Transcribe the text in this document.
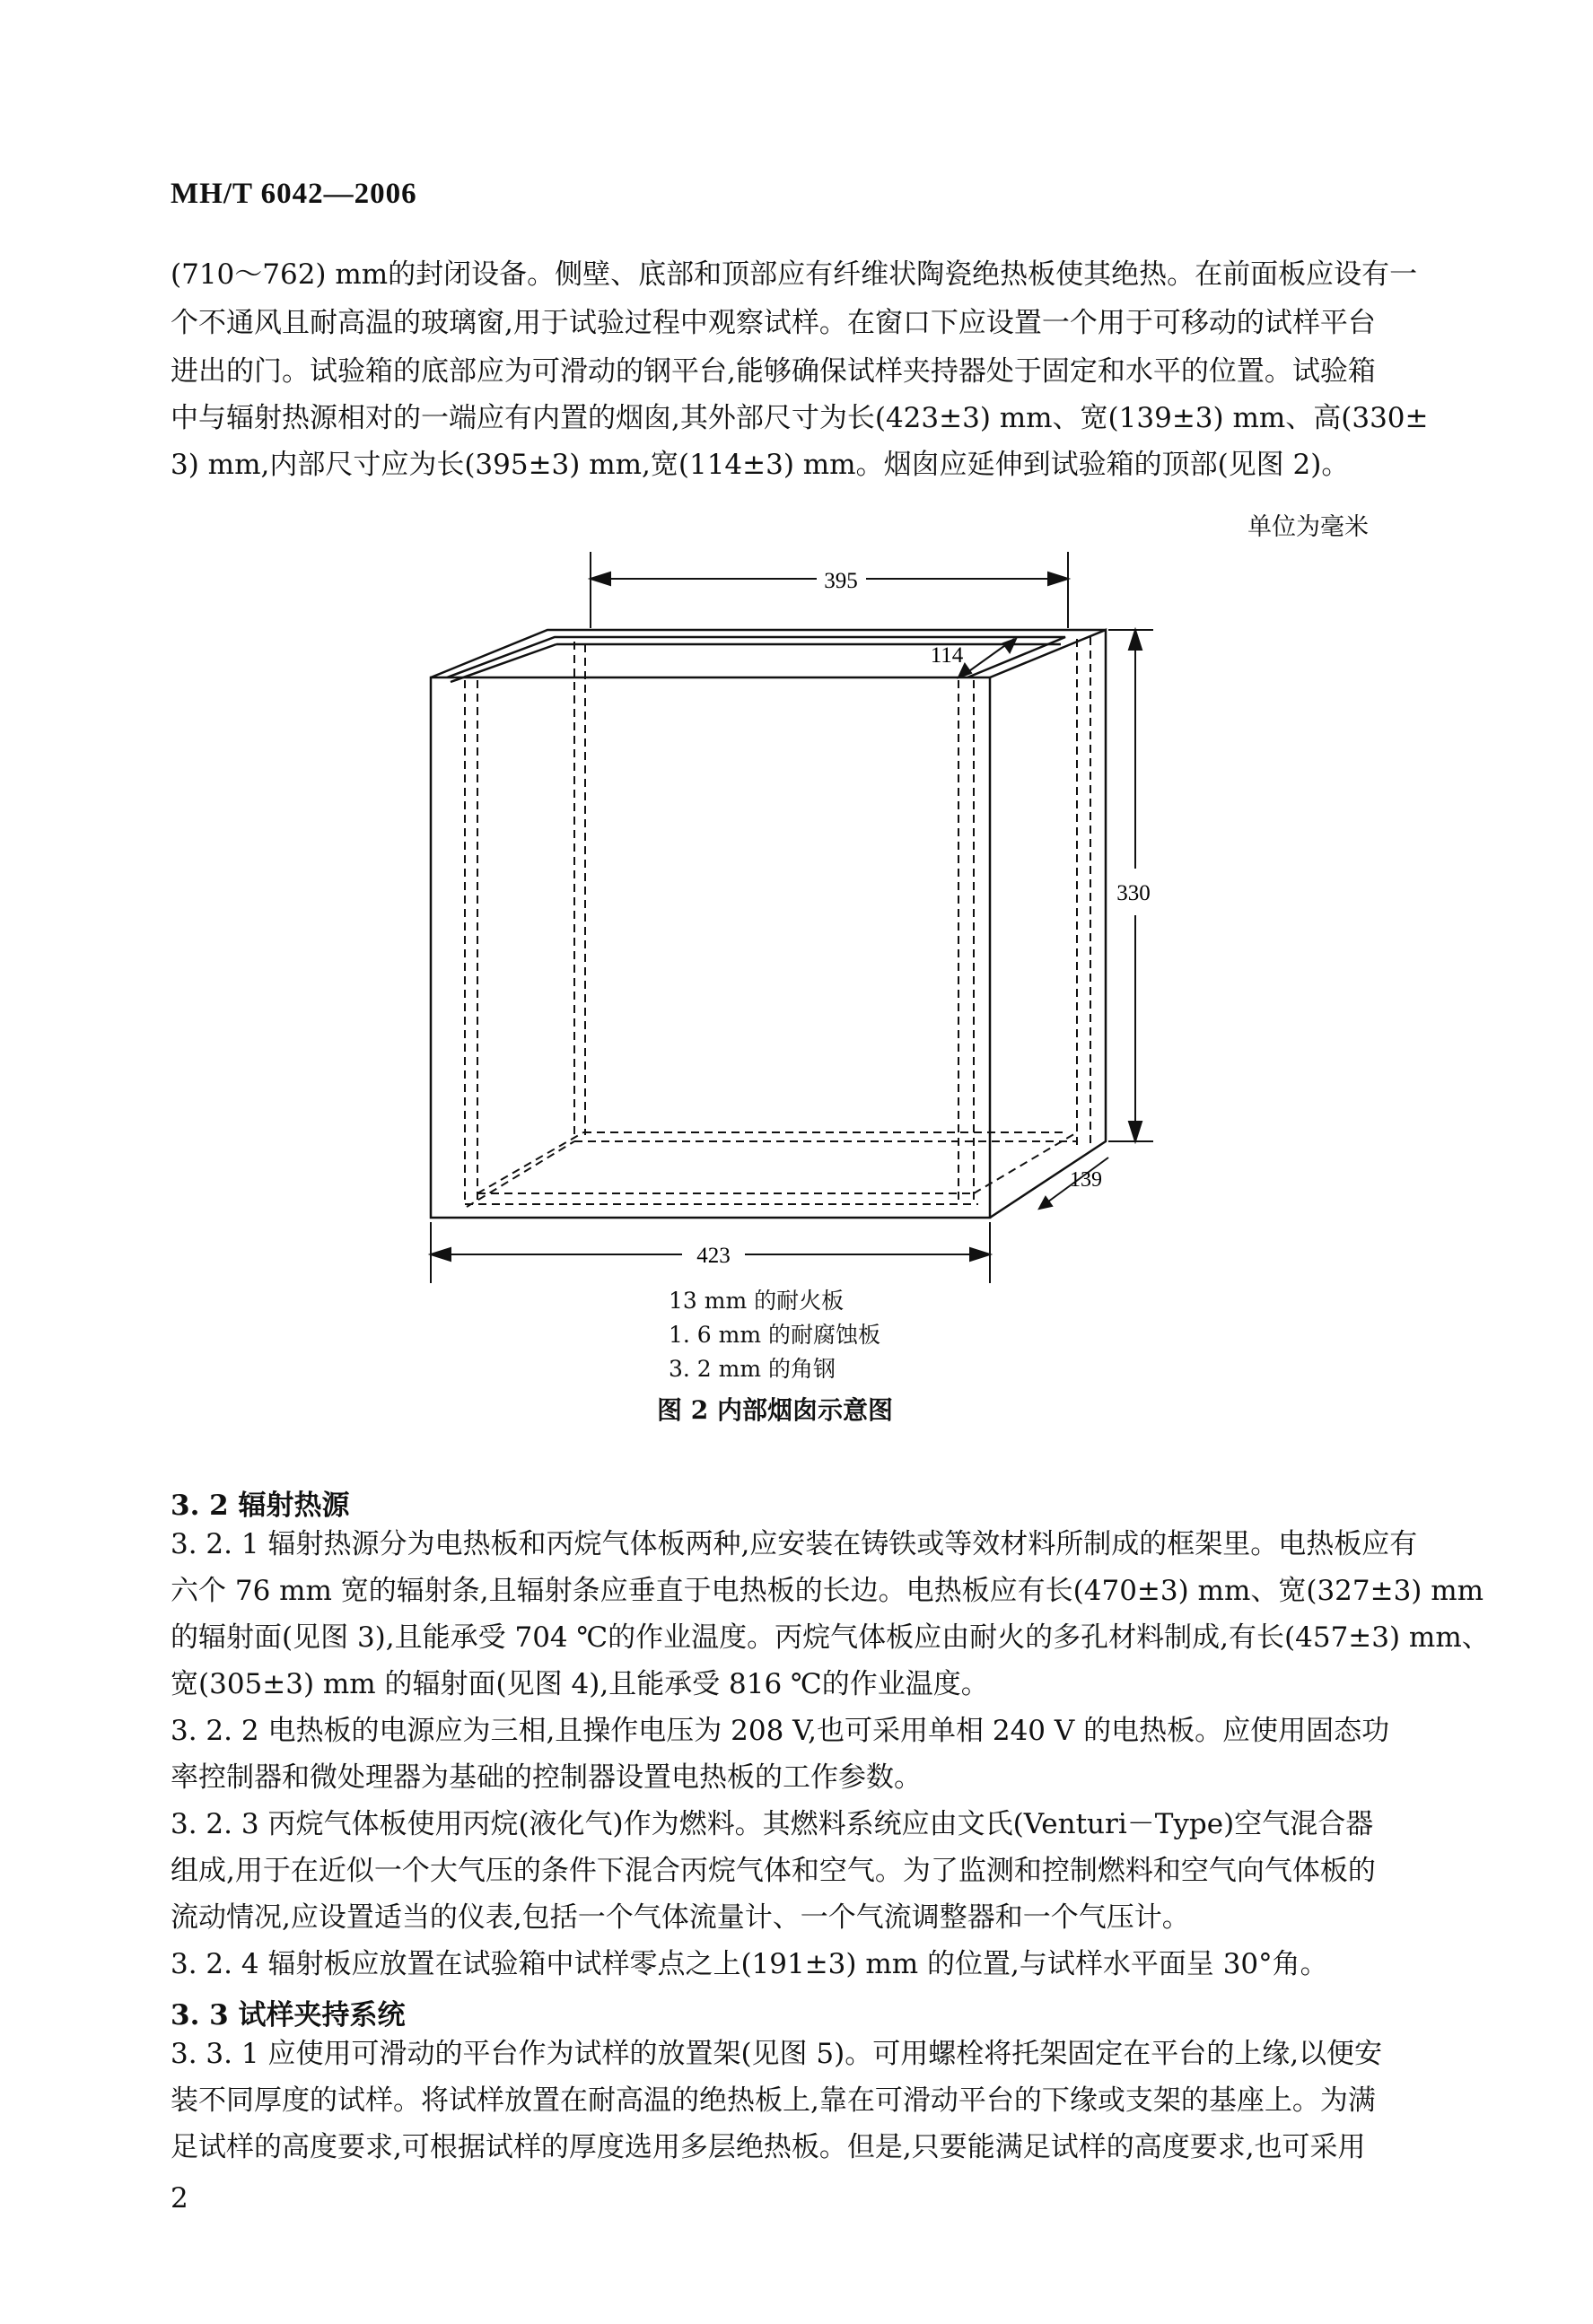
MH/T 6042—2006
(710～762) mm的封闭设备。侧壁、底部和顶部应有纤维状陶瓷绝热板使其绝热。在前面板应设有一
个不通风且耐高温的玻璃窗,用于试验过程中观察试样。在窗口下应设置一个用于可移动的试样平台
进出的门。试验箱的底部应为可滑动的钢平台,能够确保试样夹持器处于固定和水平的位置。试验箱
中与辐射热源相对的一端应有内置的烟囱,其外部尺寸为长(423±3) mm、宽(139±3) mm、高(330±
3) mm,内部尺寸应为长(395±3) mm,宽(114±3) mm。烟囱应延伸到试验箱的顶部(见图 2)。
单位为毫米
395
114
330
139
423
13 mm 的耐火板
1. 6 mm 的耐腐蚀板
3. 2 mm 的角钢
图 2 内部烟囱示意图
3. 2 辐射热源
3. 2. 1 辐射热源分为电热板和丙烷气体板两种,应安装在铸铁或等效材料所制成的框架里。电热板应有
六个 76 mm 宽的辐射条,且辐射条应垂直于电热板的长边。电热板应有长(470±3) mm、宽(327±3) mm
的辐射面(见图 3),且能承受 704 ℃的作业温度。丙烷气体板应由耐火的多孔材料制成,有长(457±3) mm、
宽(305±3) mm 的辐射面(见图 4),且能承受 816 ℃的作业温度。
3. 2. 2 电热板的电源应为三相,且操作电压为 208 V,也可采用单相 240 V 的电热板。应使用固态功
率控制器和微处理器为基础的控制器设置电热板的工作参数。
3. 2. 3 丙烷气体板使用丙烷(液化气)作为燃料。其燃料系统应由文氏(Venturi－Type)空气混合器
组成,用于在近似一个大气压的条件下混合丙烷气体和空气。为了监测和控制燃料和空气向气体板的
流动情况,应设置适当的仪表,包括一个气体流量计、一个气流调整器和一个气压计。
3. 2. 4 辐射板应放置在试验箱中试样零点之上(191±3) mm 的位置,与试样水平面呈 30°角。
3. 3 试样夹持系统
3. 3. 1 应使用可滑动的平台作为试样的放置架(见图 5)。可用螺栓将托架固定在平台的上缘,以便安
装不同厚度的试样。将试样放置在耐高温的绝热板上,靠在可滑动平台的下缘或支架的基座上。为满
足试样的高度要求,可根据试样的厚度选用多层绝热板。但是,只要能满足试样的高度要求,也可采用
2
